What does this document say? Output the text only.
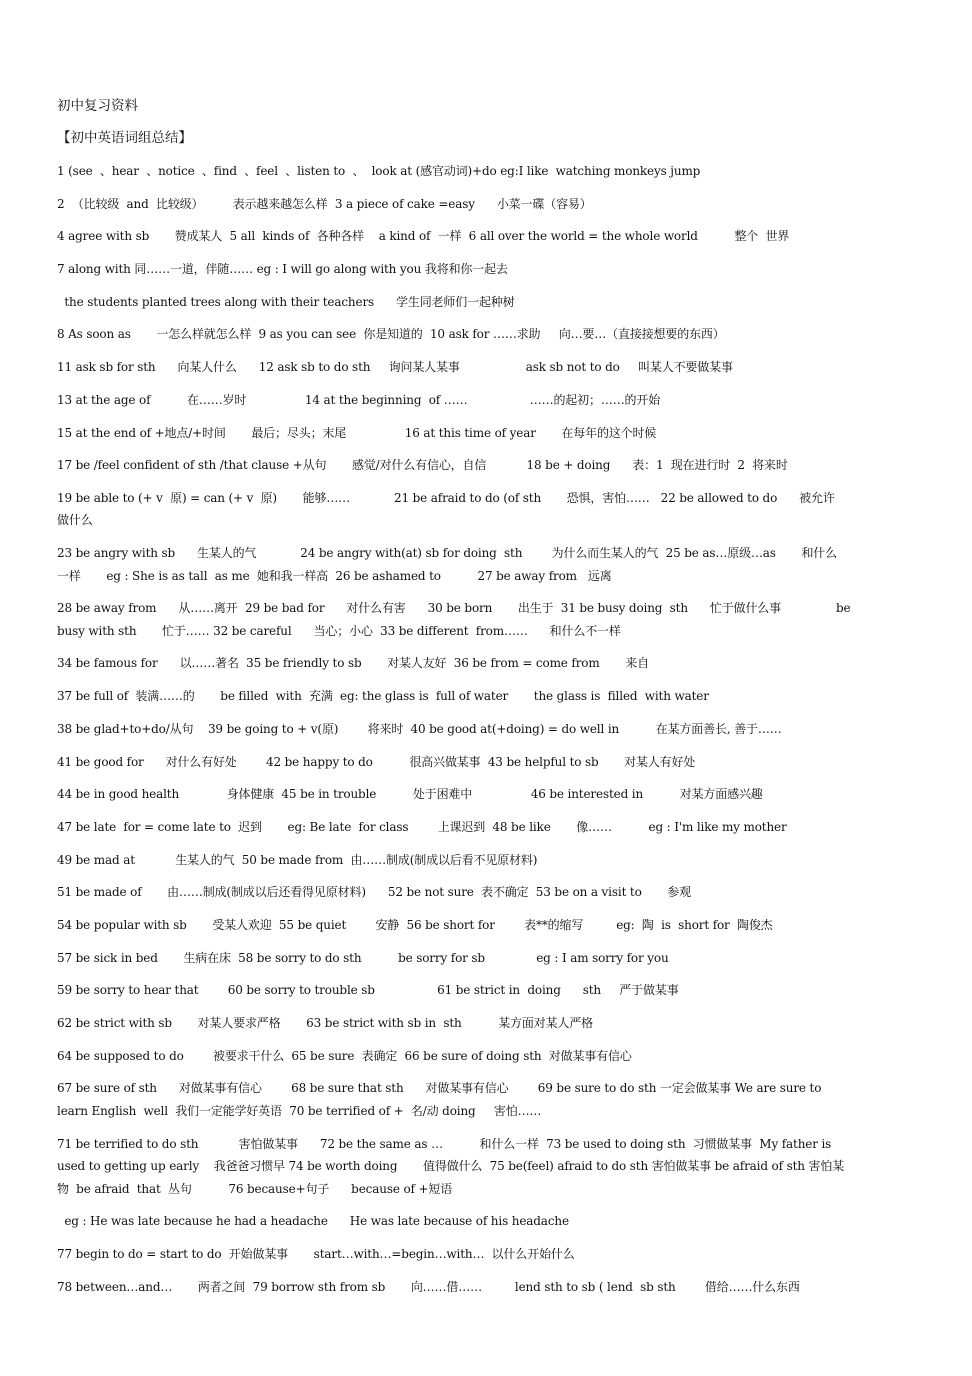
初中复习资料
【初中英语词组总结】
1 (see  、hear  、notice  、find  、feel  、listen to  、  look at (感官动词)+do eg:I like  watching monkeys jump
2  （比较级  and  比较级）        表示越来越怎么样  3 a piece of cake =easy      小菜一碟（容易）
4 agree with sb       赞成某人  5 all  kinds of  各种各样    a kind of  一样  6 all over the world = the whole world          整个  世界
7 along with 同……一道，伴随…… eg : I will go along with you 我将和你一起去
the students planted trees along with their teachers      学生同老师们一起种树
8 As soon as       一怎么样就怎么样  9 as you can see  你是知道的  10 ask for ……求助     向…要…（直接接想要的东西）
11 ask sb for sth      向某人什么      12 ask sb to do sth     询问某人某事                  ask sb not to do     叫某人不要做某事
13 at the age of          在……岁时                14 at the beginning  of ……                 ……的起初；……的开始
15 at the end of +地点/+时间       最后；尽头；末尾                16 at this time of year       在每年的这个时候
17 be /feel confident of sth /that clause +从句       感觉/对什么有信心，自信           18 be + doing      表：1  现在进行时  2  将来时
19 be able to (+ v  原) = can (+ v  原)       能够……            21 be afraid to do (of sth       恐惧，害怕……   22 be allowed to do      被允许
做什么
23 be angry with sb      生某人的气            24 be angry with(at) sb for doing  sth        为什么而生某人的气  25 be as…原级…as       和什么
一样       eg : She is as tall  as me  她和我一样高  26 be ashamed to          27 be away from   远离
28 be away from      从……离开  29 be bad for      对什么有害      30 be born       出生于  31 be busy doing  sth      忙于做什么事               be
busy with sth       忙于…… 32 be careful      当心；小心  33 be different  from……      和什么不一样
34 be famous for      以……著名  35 be friendly to sb       对某人友好  36 be from = come from       来自
37 be full of  装满……的       be filled  with  充满  eg: the glass is  full of water       the glass is  filled  with water
38 be glad+to+do/从句    39 be going to + v(原)        将来时  40 be good at(+doing) = do well in          在某方面善长, 善于……
41 be good for      对什么有好处        42 be happy to do          很高兴做某事  43 be helpful to sb       对某人有好处
44 be in good health             身体健康  45 be in trouble          处于困难中                46 be interested in          对某方面感兴趣
47 be late  for = come late to  迟到       eg: Be late  for class        上课迟到  48 be like       像……          eg : I'm like my mother
49 be mad at           生某人的气  50 be made from  由……制成(制成以后看不见原材料)
51 be made of       由……制成(制成以后还看得见原材料)      52 be not sure  表不确定  53 be on a visit to       参观
54 be popular with sb       受某人欢迎  55 be quiet        安静  56 be short for        表**的缩写         eg:  陶  is  short for  陶俊杰
57 be sick in bed       生病在床  58 be sorry to do sth          be sorry for sb              eg : I am sorry for you
59 be sorry to hear that        60 be sorry to trouble sb                 61 be strict in  doing      sth     严于做某事
62 be strict with sb       对某人要求严格       63 be strict with sb in  sth          某方面对某人严格
64 be supposed to do        被要求干什么  65 be sure  表确定  66 be sure of doing sth  对做某事有信心
67 be sure of sth      对做某事有信心        68 be sure that sth      对做某事有信心        69 be sure to do sth 一定会做某事 We are sure to
learn English  well  我们一定能学好英语  70 be terrified of +  名/动 doing     害怕……
71 be terrified to do sth           害怕做某事      72 be the same as …          和什么一样  73 be used to doing sth  习惯做某事  My father is
used to getting up early    我爸爸习惯早 74 be worth doing       值得做什么  75 be(feel) afraid to do sth 害怕做某事 be afraid of sth 害怕某
物  be afraid  that  丛句          76 because+句子      because of +短语
eg : He was late because he had a headache      He was late because of his headache
77 begin to do = start to do  开始做某事       start…with…=begin…with…  以什么开始什么
78 between…and…       两者之间  79 borrow sth from sb       向……借……         lend sth to sb ( lend  sb sth        借给……什么东西
